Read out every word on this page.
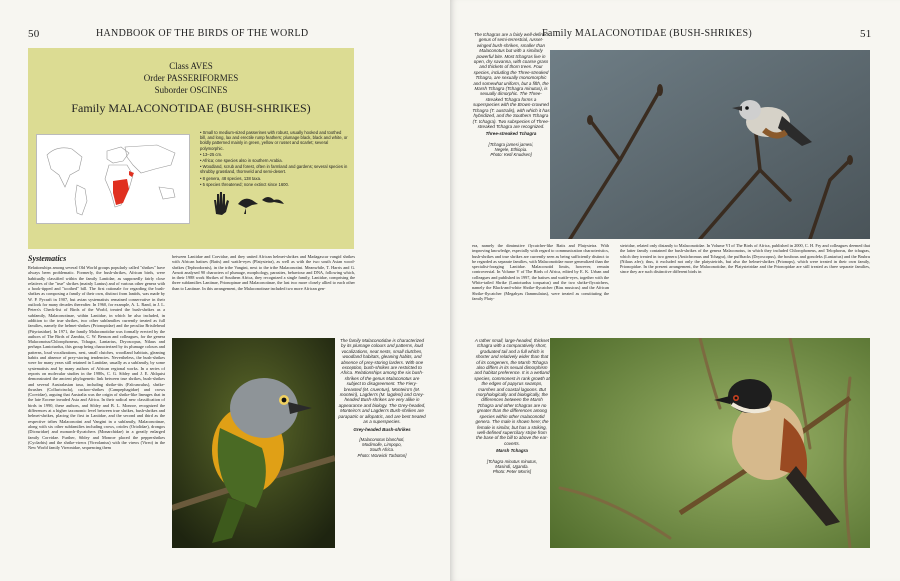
50	HANDBOOK OF THE BIRDS OF THE WORLD
Class AVES
Order PASSERIFORMES
Suborder OSCINES
Family MALACONOTIDAE (BUSH-SHRIKES)

• Small to medium-sized passerines with robust, usually hooked and toothed bill, and long, lax and erectile rump feathers; plumage black, black and white, or boldly patterned mainly in green, yellow or russet and scarlet; several polymorphic.

• 13–25 cm.

• Africa; one species also in southern Arabia.

• Woodland, scrub and forest, often in farmland and gardens; several species in shrubby grassland, thornveld and semi-desert.

• 8 genera, 48 species, 138 taxa.

• 5 species threatened; none extinct since 1600.

Systematics
Relationships among several Old World groups popularly called "shrikes" have always been problematic. Formerly, the bush-shrikes, African birds, were habitually classified within the family Laniidae, as supposedly fairly close relatives of the "true" shrikes (mainly Lanius) and of various other genera with a hook-tipped and "toothed" bill. The first rationale for regarding the bush-shrikes as composing a family of their own, distinct from laniids, was made by W. P. Pycraft in 1907, but avian systematists remained conservative in their outlook for many decades thereafter. In 1960, for example, A. L. Rand, in J. L. Peters's Check-list of Birds of the World, treated the bush-shrikes as a subfamily, Malaconotinae, within Laniidae, in which he also included, in addition to the true shrikes, two other subfamilies currently treated as full families, namely the helmet-shrikes (Prionopidae) and the peculiar Bristlehead (Pityriasidae). In 1971, the family Malaconotidae was formally erected by the authors of The Birds of Zambia, C. W. Benson and colleagues, for the genera Malaconotus/Chlorophoneus, Tchagra, Laniarius, Dryoscopus, Nilaus and perhaps Lanioturdus, this group being characterized by its plumage colours and patterns, loud vocalizations, nest, small clutches, woodland habitats, gleaning habits and absence of prey-storing tendencies. Nevertheless, the bush-shrikes were for many years still retained in Laniidae, usually as a subfamily, by some systematists and by many authors of African regional works. In a series of reports on molecular studies in the 1980s, C. G. Sibley and J. E. Ahlquist demonstrated the ancient phylogenetic link between true shrikes, bush-shrikes and several Australasian taxa, including shrike-tits (Falcunculus), shrike-thrushes (Colluricincla), cuckoo-shrikes (Campephagidae) and crows (Corvidae), arguing that Australia was the origin of shrike-like lineages that in the late Eocene invaded Asia and Africa. In their radical new classification of birds in 1990, these authors, and Sibley and B. L. Monroe, recognized the differences at a higher taxonomic level between true shrikes, bush-shrikes and helmet-shrikes, placing the first in Laniidae, and the second and third as the respective tribes Malaconotini and Vangini in a subfamily, Malaconotinae, along with six other subfamilies including crows, orioles (Oriolidae), drongos (Dicruridae) and monarch-flycatchers (Monarchidae) in a greatly enlarged family Corvidae. Further, Sibley and Monroe placed the peppershrikes (Cyclarhis) and the shrike-vireos (Vireolanius) with the vireos (Vireo) in the New World family Vireonidae, sequencing them
between Laniidae and Corvidae, and they united African helmet-shrikes and Madagascar vangid shrikes with African batises (Batis) and wattle-eyes (Platysteira), as well as with the two south Asian wood-shrikes (Tephrodornis), in the tribe Vangini, next to the tribe Malaconotini. Meanwhile, T. Harris and G. Arnott analysed 90 characters of plumage, morphology, parasites, behaviour and DNA, following which, in their 1988 work Shrikes of Southern Africa, they recognized a single family, Laniidae, comprising the three subfamilies Laniinae, Prionopinae and Malaconotinae, the last two more closely allied to each other than to Laniinae. In this arrangement, the Malaconotinae included two more African gen-
The family Malaconotidae is characterized by its plumage colours and patterns, loud vocalizations, neat nests, small clutches, woodland habitats, gleaning habits, and absence of prey-storing larders. With one exception, bush-shrikes are restricted to Africa. Relationships among the six bush-shrikes of the genus Malaconotus are subject to disagreement. The Fiery-breasted (M. cruentus), Monteiro's (M. monteiri), Lagden's (M. lagdeni) and Grey-headed Bush-shrikes are very alike in appearance and biology. The Grey-headed, Monteiro's and Lagden's Bush-shrikes are parapatric or allopatric, and are best treated as a superspecies.
Grey-headed Bush-shrikes
[Malaconotus blanchoti,
Modimolle, Limpopo,
South Africa.
Photo: Warwick Tarboton]
Family MALACONOTIDAE (BUSH-SHRIKES)	51
The tchagras are a fairly well-defined genus of semi-terrestrial, russet-winged bush-shrikes, smaller than Malaconotus but with a similarly powerful bite. Most tchagras live in open, dry savanna, with coarse grass and thickets of thorn trees. Four species, including the Three-streaked Tchagra, are sexually monomorphic and somewhat uniform, but a fifth, the Marsh Tchagra (Tchagra minutus), is sexually dimorphic. The Three-streaked Tchagra forms a superspecies with the Brown-crowned Tchagra (T. australis), with which it has hybridized, and the Southern Tchagra (T. tchagra). Two subspecies of Three-streaked Tchagra are recognized.
Three-streaked Tchagra
[Tchagra jamesi jamesi,
Negele, Ethiopia.
Photo: Ketil Knudsen]
era, namely the diminutive flycatcher-like Batis and Platysteira. With improving knowledge, especially with regard to communication characteristics, bush-shrikes and true shrikes are currently seen as being sufficiently distinct to be regarded as separate families, with Malaconotidae more generalized than the specialist-foraging Laniidae. Malaconotid limits, however, remain controversial. In Volume V of The Birds of Africa, edited by E. K. Urban and colleagues and published in 1997, the batises and wattle-eyes, together with the White-tailed Shrike (Lanioturdus torquatus) and the two shrike-flycatchers, namely the Black-and-white Shrike-flycatcher (Bias musicus) and the African Shrike-flycatcher (Megabyas flammulatus), were treated as constituting the family Platy-
steiridae, related only distantly to Malaconotidae. In Volume VI of The Birds of Africa, published in 2000, C. H. Fry and colleagues deemed that the latter family contained the bush-shrikes of the genera Malaconotus, in which they included Chlorophoneus, and Telophorus, the tchagras, which they treated in two genera (Antichromus and Tchagra), the puffbacks (Dryoscopus), the boubous and gonoleks (Laniarius) and the Brubru (Nilaus afer); thus, it excluded not only the platysteirids, but also the helmet-shrikes (Prionops), which were treated in their own family, Prionopidae. In the present arrangement, the Malaconotidae, the Platysteiridae and the Prionopidae are still treated as three separate families, since they are such distinctive different birds in
A rather small, large-headed, thickset tchagra with a comparatively short, graduated tail and a full which is shorter and relatively wider than that of its congeners, the Marsh Tchagra also differs in its sexual dimorphism and habitat preference. It is a wetland species, commonest in rank growth at the edges of papyrus swamps, marshes and coastal lagoons. But morphologically and biologically, the differences between the Marsh Tchagra and other tchagras are no greater than the differences among species within other malaconotid genera. The male is shown here; the female is similar, but has a striking, well-defined supercilary stripe from the base of the bill to above the ear-coverts.
Marsh Tchagra
[Tchagra minutus minutus,
Masindi, Uganda.
Photo: Peter Morris]
